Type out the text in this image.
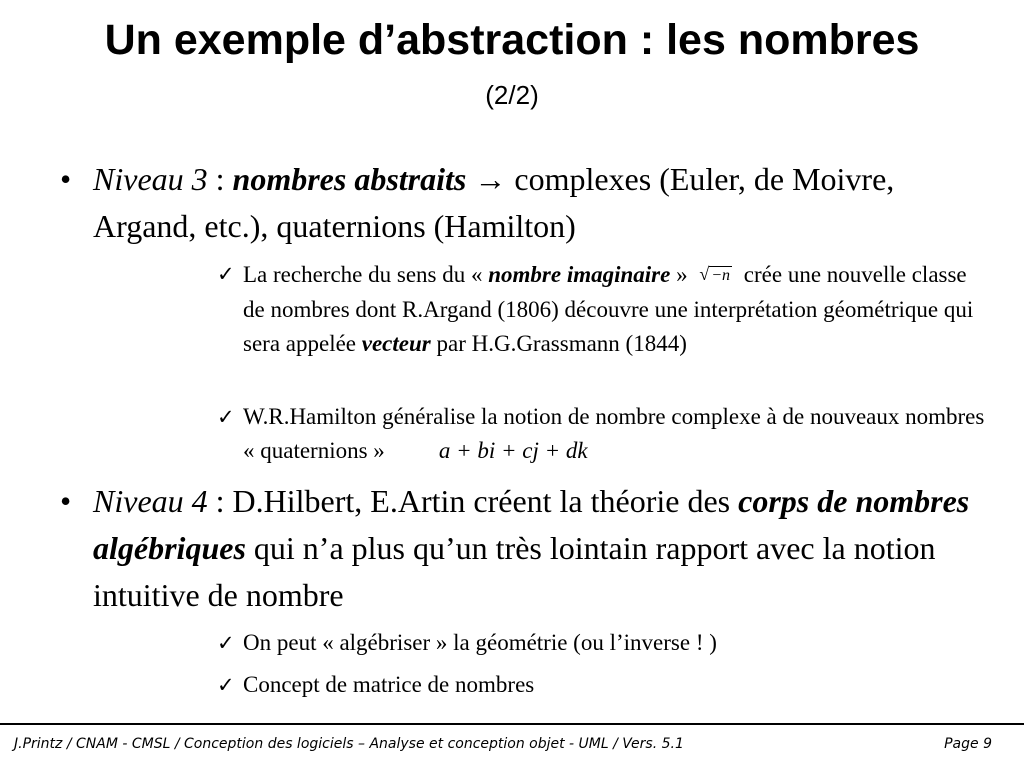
Un exemple d’abstraction : les nombres
(2/2)
• Niveau 3 : nombres abstraits → complexes (Euler, de Moivre, Argand, etc.), quaternions (Hamilton)
✓ La recherche du sens du « nombre imaginaire » √ −n crée une nouvelle classe de nombres dont R.Argand (1806) découvre une interprétation géométrique qui sera appelée vecteur par H.G.Grassmann (1844)
✓ W.R.Hamilton généralise la notion de nombre complexe à de nouveaux nombres « quaternions » a + bi + cj + dk
• Niveau 4 : D.Hilbert, E.Artin créent la théorie des corps de nombres algébriques qui n’a plus qu’un très lointain rapport avec la notion intuitive de nombre
✓ On peut « algébriser » la géométrie (ou l’inverse ! )
✓ Concept de matrice de nombres
J.Printz / CNAM - CMSL / Conception des logiciels – Analyse et conception objet - UML / Vers. 5.1	Page 9
